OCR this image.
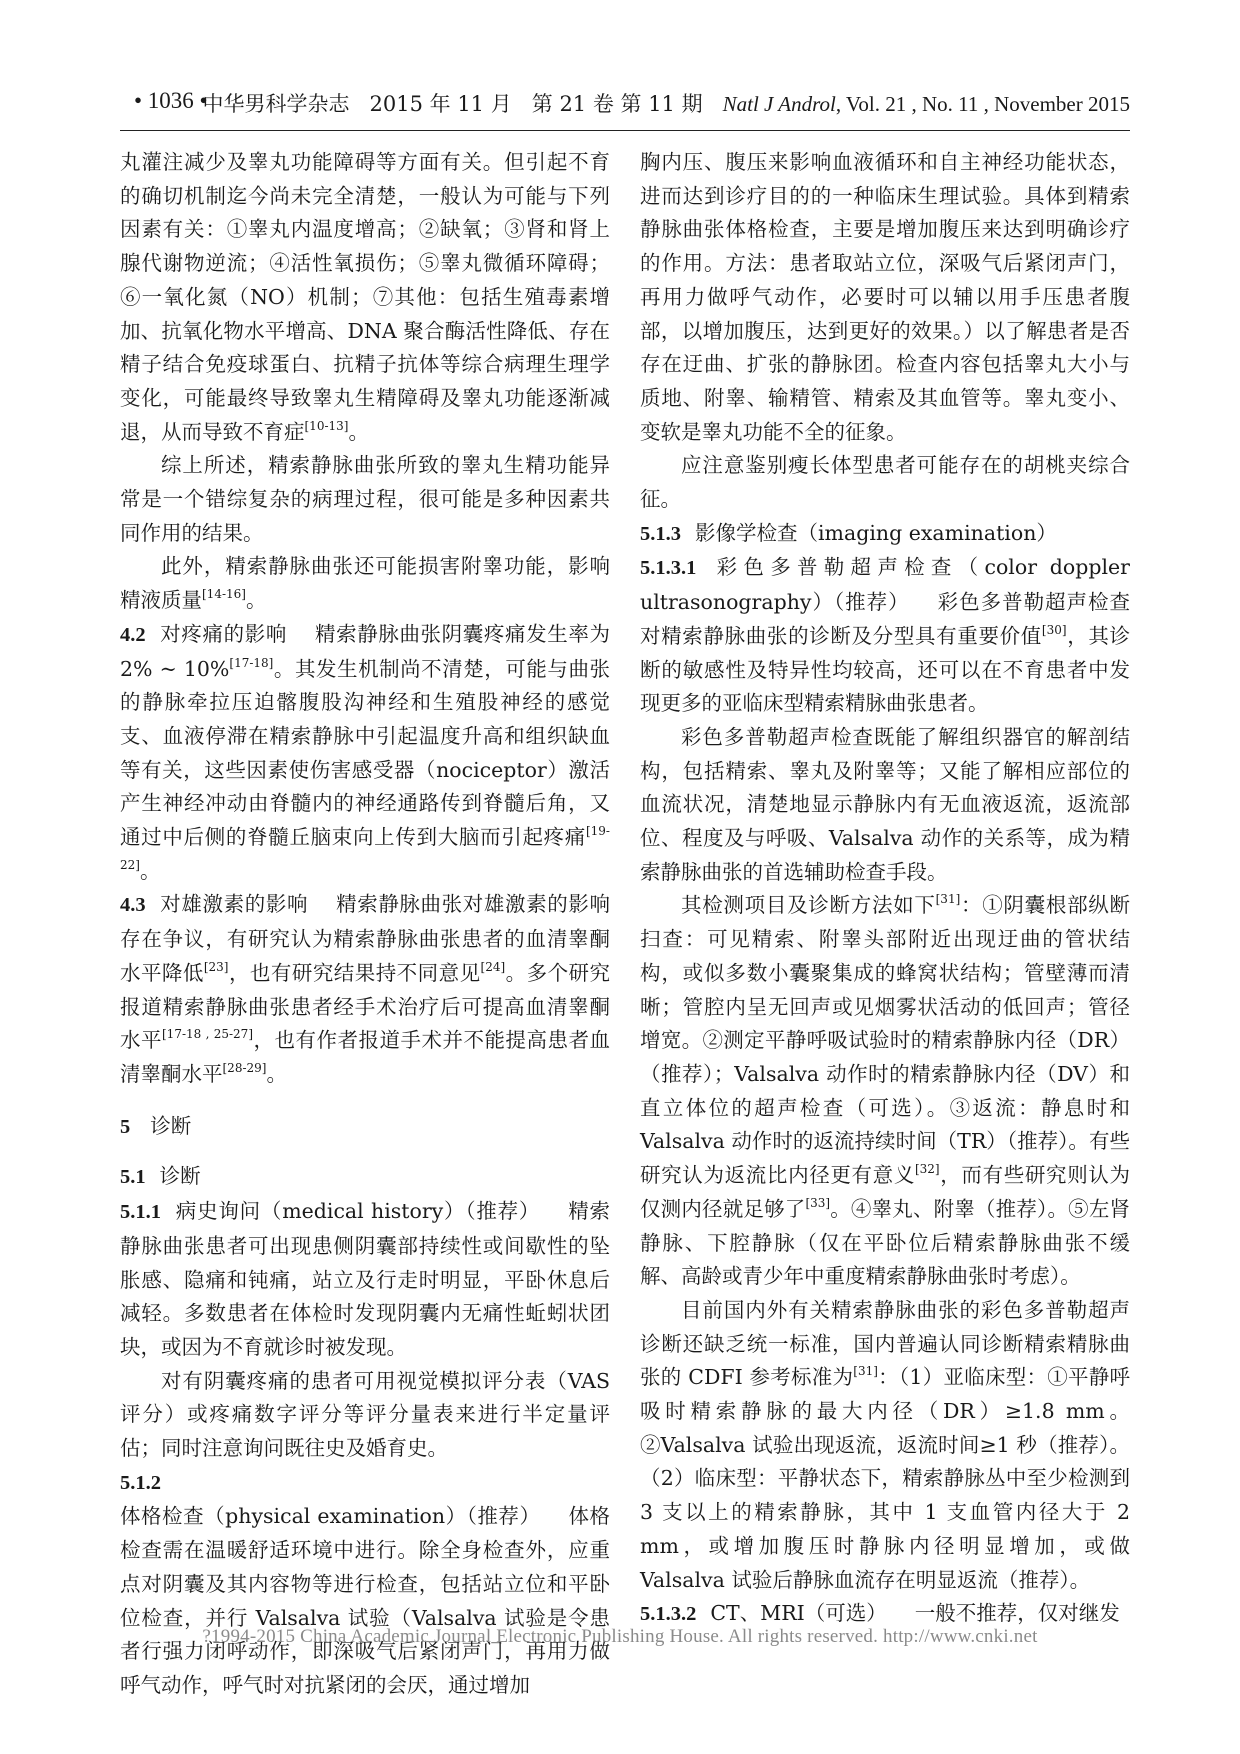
• 1036 •
中华男科学杂志 2015 年 11 月 第 21 卷 第 11 期 Natl J Androl, Vol. 21 , No. 11 , November 2015

丸灌注减少及睾丸功能障碍等方面有关。但引起不育的确切机制迄今尚未完全清楚，一般认为可能与下列因素有关：①睾丸内温度增高；②缺氧；③肾和肾上腺代谢物逆流；④活性氧损伤；⑤睾丸微循环障碍；⑥一氧化氮（NO）机制；⑦其他：包括生殖毒素增加、抗氧化物水平增高、DNA 聚合酶活性降低、存在精子结合免疫球蛋白、抗精子抗体等综合病理生理学变化，可能最终导致睾丸生精障碍及睾丸功能逐渐减退，从而导致不育症[10-13]。

综上所述，精索静脉曲张所致的睾丸生精功能异常是一个错综复杂的病理过程，很可能是多种因素共同作用的结果。

此外，精索静脉曲张还可能损害附睾功能，影响精液质量[14-16]。

4.2 对疼痛的影响 精索静脉曲张阴囊疼痛发生率为 2% ~ 10%[17-18]。其发生机制尚不清楚，可能与曲张的静脉牵拉压迫髂腹股沟神经和生殖股神经的感觉支、血液停滞在精索静脉中引起温度升高和组织缺血等有关，这些因素使伤害感受器（nociceptor）激活产生神经冲动由脊髓内的神经通路传到脊髓后角，又通过中后侧的脊髓丘脑束向上传到大脑而引起疼痛[19-22]。

4.3 对雄激素的影响 精索静脉曲张对雄激素的影响存在争议，有研究认为精索静脉曲张患者的血清睾酮水平降低[23]，也有研究结果持不同意见[24]。多个研究报道精索静脉曲张患者经手术治疗后可提高血清睾酮水平[17-18 , 25-27]，也有作者报道手术并不能提高患者血清睾酮水平[28-29]。

5 诊断

5.1 诊断

5.1.1 病史询问（medical history）（推荐） 精索静脉曲张患者可出现患侧阴囊部持续性或间歇性的坠胀感、隐痛和钝痛，站立及行走时明显，平卧休息后减轻。多数患者在体检时发现阴囊内无痛性蚯蚓状团块，或因为不育就诊时被发现。

对有阴囊疼痛的患者可用视觉模拟评分表（VAS 评分）或疼痛数字评分等评分量表来进行半定量评估；同时注意询问既往史及婚育史。

5.1.2体格检查（physical examination）（推荐） 体格检查需在温暖舒适环境中进行。除全身检查外，应重点对阴囊及其内容物等进行检查，包括站立位和平卧位检查，并行 Valsalva 试验（Valsalva 试验是令患者行强力闭呼动作，即深吸气后紧闭声门，再用力做呼气动作，呼气时对抗紧闭的会厌，通过增加

胸内压、腹压来影响血液循环和自主神经功能状态，进而达到诊疗目的的一种临床生理试验。具体到精索静脉曲张体格检查，主要是增加腹压来达到明确诊疗的作用。方法：患者取站立位，深吸气后紧闭声门，再用力做呼气动作，必要时可以辅以用手压患者腹部，以增加腹压，达到更好的效果。）以了解患者是否存在迂曲、扩张的静脉团。检查内容包括睾丸大小与质地、附睾、输精管、精索及其血管等。睾丸变小、变软是睾丸功能不全的征象。

应注意鉴别瘦长体型患者可能存在的胡桃夹综合征。

5.1.3 影像学检查（imaging examination）

5.1.3.1 彩色多普勒超声检查（color doppler ultrasonography）（推荐） 彩色多普勒超声检查对精索静脉曲张的诊断及分型具有重要价值[30]，其诊断的敏感性及特异性均较高，还可以在不育患者中发现更多的亚临床型精索精脉曲张患者。

彩色多普勒超声检查既能了解组织器官的解剖结构，包括精索、睾丸及附睾等；又能了解相应部位的血流状况，清楚地显示静脉内有无血液返流，返流部位、程度及与呼吸、Valsalva 动作的关系等，成为精索静脉曲张的首选辅助检查手段。

其检测项目及诊断方法如下[31]：①阴囊根部纵断扫查：可见精索、附睾头部附近出现迂曲的管状结构，或似多数小囊聚集成的蜂窝状结构；管壁薄而清晰；管腔内呈无回声或见烟雾状活动的低回声；管径增宽。②测定平静呼吸试验时的精索静脉内径（DR）（推荐）；Valsalva 动作时的精索静脉内径（DV）和直立体位的超声检查（可选）。③返流：静息时和 Valsalva 动作时的返流持续时间（TR）（推荐）。有些研究认为返流比内径更有意义[32]，而有些研究则认为仅测内径就足够了[33]。④睾丸、附睾（推荐）。⑤左肾静脉、下腔静脉（仅在平卧位后精索静脉曲张不缓解、高龄或青少年中重度精索静脉曲张时考虑）。

目前国内外有关精索静脉曲张的彩色多普勒超声诊断还缺乏统一标准，国内普遍认同诊断精索精脉曲张的 CDFI 参考标准为[31]：（1）亚临床型：①平静呼吸时精索静脉的最大内径（DR）≥1.8 mm。②Valsalva 试验出现返流，返流时间≥1 秒（推荐）。（2）临床型：平静状态下，精索静脉丛中至少检测到 3 支以上的精索静脉，其中 1 支血管内径大于 2 mm，或增加腹压时静脉内径明显增加，或做 Valsalva 试验后静脉血流存在明显返流（推荐）。

5.1.3.2 CT、MRI（可选） 一般不推荐，仅对继发

?1994-2015 China Academic Journal Electronic Publishing House. All rights reserved. http://www.cnki.net
